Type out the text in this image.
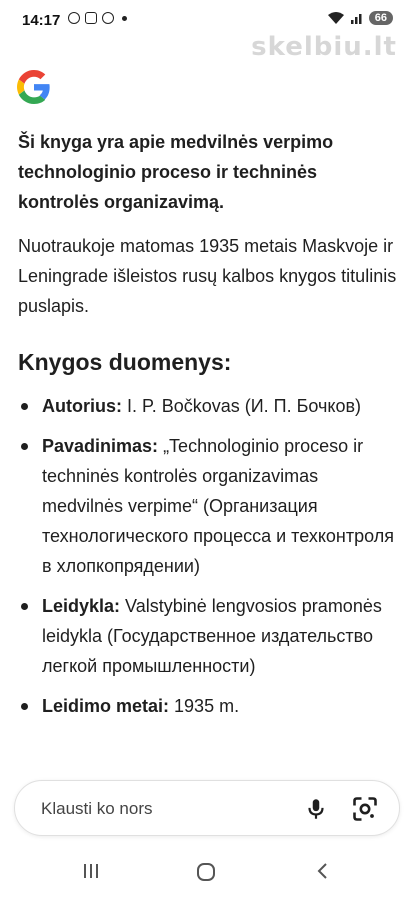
14:17	66
skelbiu.lt

Ši knyga yra apie medvilnės verpimo technologinio proceso ir techninės kontrolės organizavimą.

Nuotraukoje matomas 1935 metais Maskvoje ir Leningrade išleistos rusų kalbos knygos titulinis puslapis.

Knygos duomenys:
Autorius: I. P. Bočkovas (И. П. Бочков)
Pavadinimas: „Technologinio proceso ir techninės kontrolės organizavimas medvilnės verpime“ (Организация технологического процесса и техконтроля в хлопкопрядении)
Leidykla: Valstybinė lengvosios pramonės leidykla (Государственное издательство легкой промышленности)
Leidimo metai: 1935 m.
Klausti ko nors
